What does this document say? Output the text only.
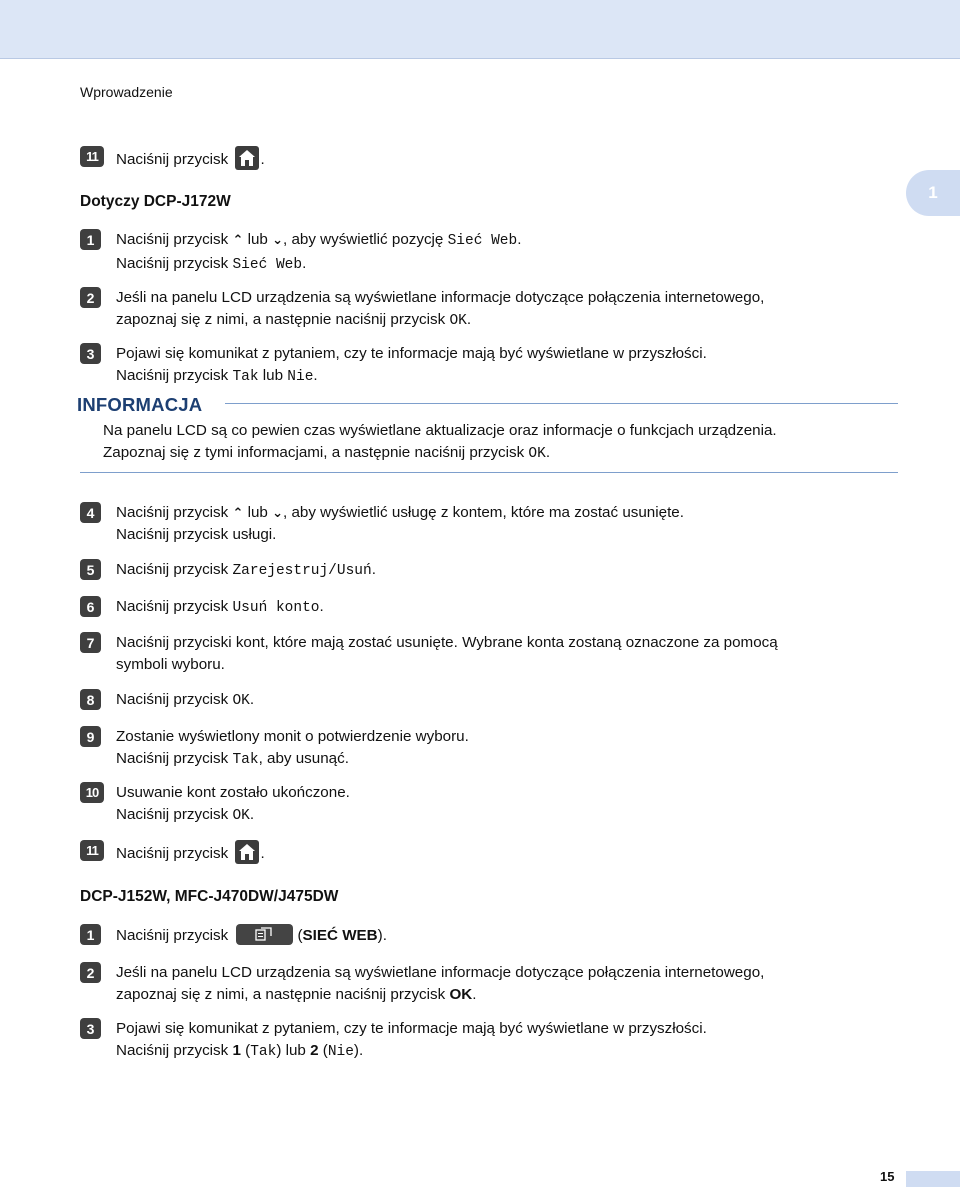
Wprowadzenie
1
11	Naciśnij przycisk
.
Dotyczy DCP-J172W
1	Naciśnij przycisk ⌃ lub ⌄, aby wyświetlić pozycję Sieć Web.
Naciśnij przycisk Sieć Web.
2	Jeśli na panelu LCD urządzenia są wyświetlane informacje dotyczące połączenia internetowego,
zapoznaj się z nimi, a następnie naciśnij przycisk OK.
3	Pojawi się komunikat z pytaniem, czy te informacje mają być wyświetlane w przyszłości.
Naciśnij przycisk Tak lub Nie.
INFORMACJA
Na panelu LCD są co pewien czas wyświetlane aktualizacje oraz informacje o funkcjach urządzenia.
Zapoznaj się z tymi informacjami, a następnie naciśnij przycisk OK.
4	Naciśnij przycisk ⌃ lub ⌄, aby wyświetlić usługę z kontem, które ma zostać usunięte.
Naciśnij przycisk usługi.
5	Naciśnij przycisk Zarejestruj/Usuń.
6	Naciśnij przycisk Usuń konto.
7	Naciśnij przyciski kont, które mają zostać usunięte. Wybrane konta zostaną oznaczone za pomocą
symboli wyboru.
8	Naciśnij przycisk OK.
9	Zostanie wyświetlony monit o potwierdzenie wyboru.
Naciśnij przycisk Tak, aby usunąć.
10	Usuwanie kont zostało ukończone.
Naciśnij przycisk OK.
11	Naciśnij przycisk
.
DCP-J152W, MFC-J470DW/J475DW
1	Naciśnij przycisk	(SIEĆ WEB).
2	Jeśli na panelu LCD urządzenia są wyświetlane informacje dotyczące połączenia internetowego,
zapoznaj się z nimi, a następnie naciśnij przycisk OK.
3	Pojawi się komunikat z pytaniem, czy te informacje mają być wyświetlane w przyszłości.
Naciśnij przycisk 1 (Tak) lub 2 (Nie).
15
